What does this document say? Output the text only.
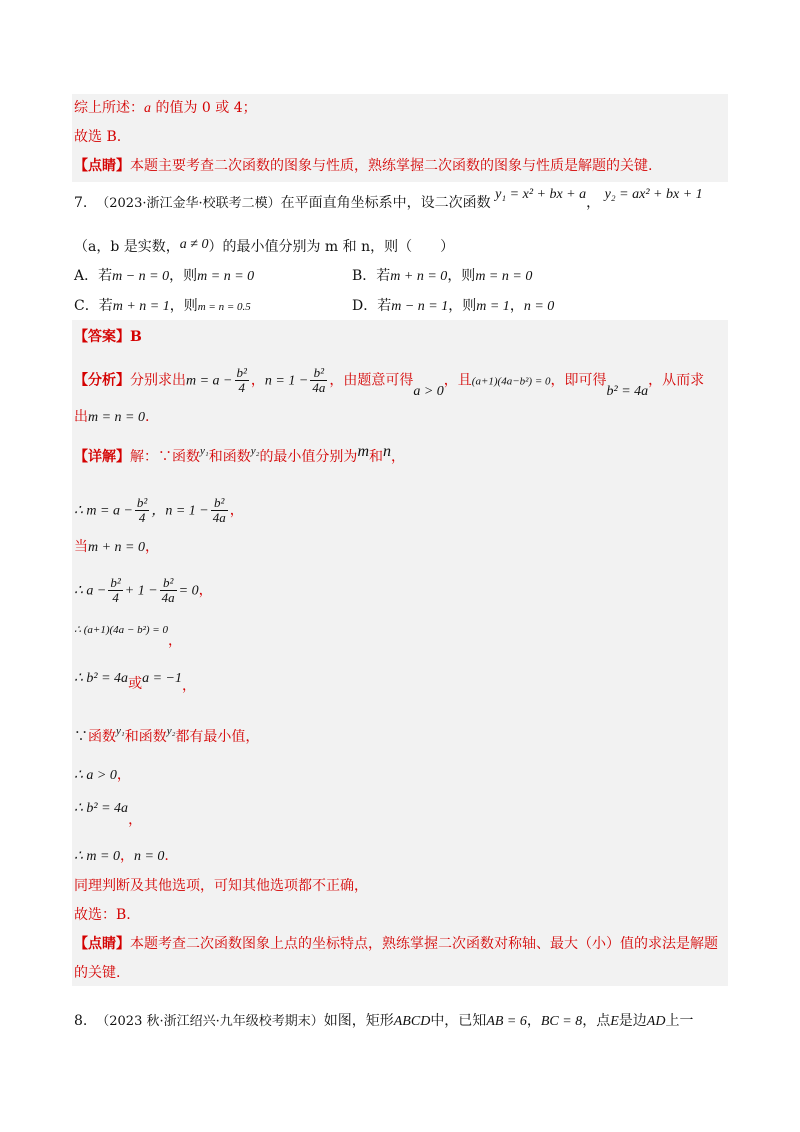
综上所述：a 的值为 0 或 4；
故选 B.
【点睛】本题主要考查二次函数的图象与性质，熟练掌握二次函数的图象与性质是解题的关键.
7. （2023·浙江金华·校联考二模）在平面直角坐标系中，设二次函数 y₁ = x² + bx + a， y₂ = ax² + bx + 1
（a，b 是实数，a ≠ 0）的最小值分别为 m 和 n，则（　　）
A．若m − n = 0，则m = n = 0	B．若m + n = 0，则m = n = 0
C．若m + n = 1，则m = n = 0.5	D．若m − n = 1，则m = 1，n = 0
【答案】B
【分析】分别求出$m = a - \frac{\text{b²}}{4}$ ，$n = 1 - \frac{\text{b²}}{4a}$ ，由题意可得a > 0，且(a+1)(4a−b²) = 0，即可得b² = 4a，从而求
出m = n = 0.
【详解】解：∵函数$^{y_1}$和函数$^{y_2}$的最小值分别为m和n，
∴ $m = a - \frac{\text{b²}}{4}$ ，$n = 1 - \frac{\text{b²}}{4a}$ ，
当m + n = 0，
∴ $a - \frac{\text{b²}}{4} + 1 - \frac{\text{b²}}{4a} = 0$，
∴ (a+1)(4a − b²) = 0，
∴ b² = 4a或a = −1，
∵函数$^{y_1}$和函数$^{y_2}$都有最小值，
∴ a > 0，
∴ b² = 4a，
∴ m = 0，n = 0.
同理判断及其他选项，可知其他选项都不正确，
故选：B.
【点睛】本题考查二次函数图象上点的坐标特点，熟练掌握二次函数对称轴、最大（小）值的求法是解题
的关键.
8. （2023 秋·浙江绍兴·九年级校考期末）如图，矩形ABCD中，已知AB = 6，BC = 8，点E是边AD上一
